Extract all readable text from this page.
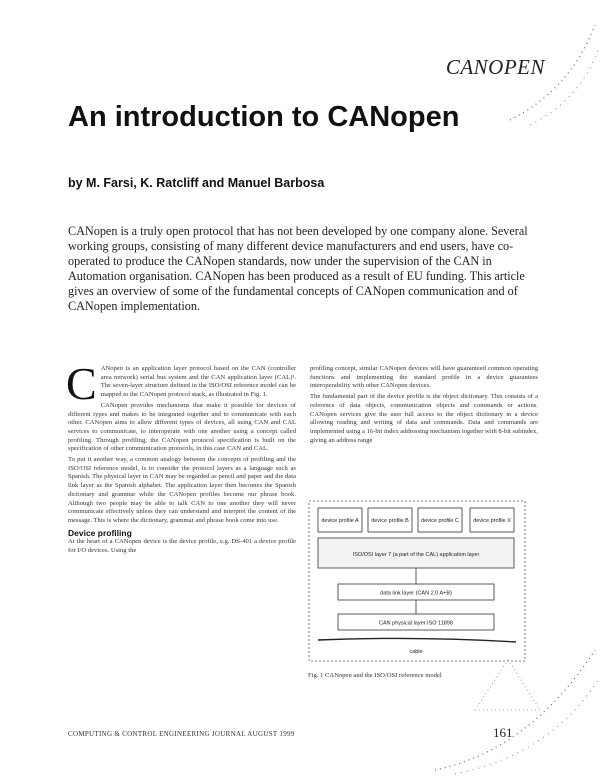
CANOPEN
An introduction to CANopen
by M. Farsi, K. Ratcliff and Manuel Barbosa

CANopen is a truly open protocol that has not been developed by one company alone. Several working groups, consisting of many different device manufacturers and end users, have co-operated to produce the CANopen standards, now under the supervision of the CAN in Automation organisation. CANopen has been produced as a result of EU funding. This article gives an overview of some of the fundamental concepts of CANopen communication and of CANopen implementation.

C ANopen is an application layer protocol based on the CAN (controller area network) serial bus system and the CAN application layer (CAL)¹. The seven-layer structure defined in the ISO/OSI reference model can be mapped to the CANopen protocol stack, as illustrated in Fig. 1.

CANopen provides mechanisms that make it possible for devices of different types and makes to be integrated together and to communicate with each other. CANopen aims to allow different types of devices, all using CAN and CAL services to communicate, to interoperate with one another using a concept called profiling. Through profiling, the CANopen protocol specification is built on the specification of other communication protocols, in this case CAN and CAL.

To put it another way, a common analogy between the concepts of profiling and the ISO/OSI reference model, is to consider the protocol layers as a language such as Spanish. The physical layer in CAN may be regarded as pencil and paper and the data link layer as the Spanish alphabet. The application layer then becomes the Spanish dictionary and grammar while the CANopen profiles become our phrase book. Although two people may be able to talk CAN to one another they will never communicate effectively unless they can understand and interpret the content of the message. This is where the dictionary, grammar and phrase book come into use.

Device profiling

At the heart of a CANopen device is the device profile, e.g. DS-401 a device profile for I/O devices. Using the

profiling concept, similar CANopen devices will have guaranteed common operating functions and implementing the standard profile in a device guarantees interoperability with other CANopen devices.

The fundamental part of the device profile is the object dictionary. This consists of a reference of data objects, communication objects and commands or actions. CANopen services give the user full access to the object dictionary in a device allowing reading and writing of data and commands. Data and commands are implemented using a 16-bit index addressing mechanism together with 8-bit subindex, giving an address range

device profile A device profile B device profile C	device profile X
ISO/OSI layer 7 (a part of the CAL) application layer
data link layer (CAN 2.0 A+B)
CAN physical layer ISO 11898
cable
Fig. 1 CANopen and the ISO/OSI reference model
COMPUTING & CONTROL ENGINEERING JOURNAL AUGUST 1999	161
